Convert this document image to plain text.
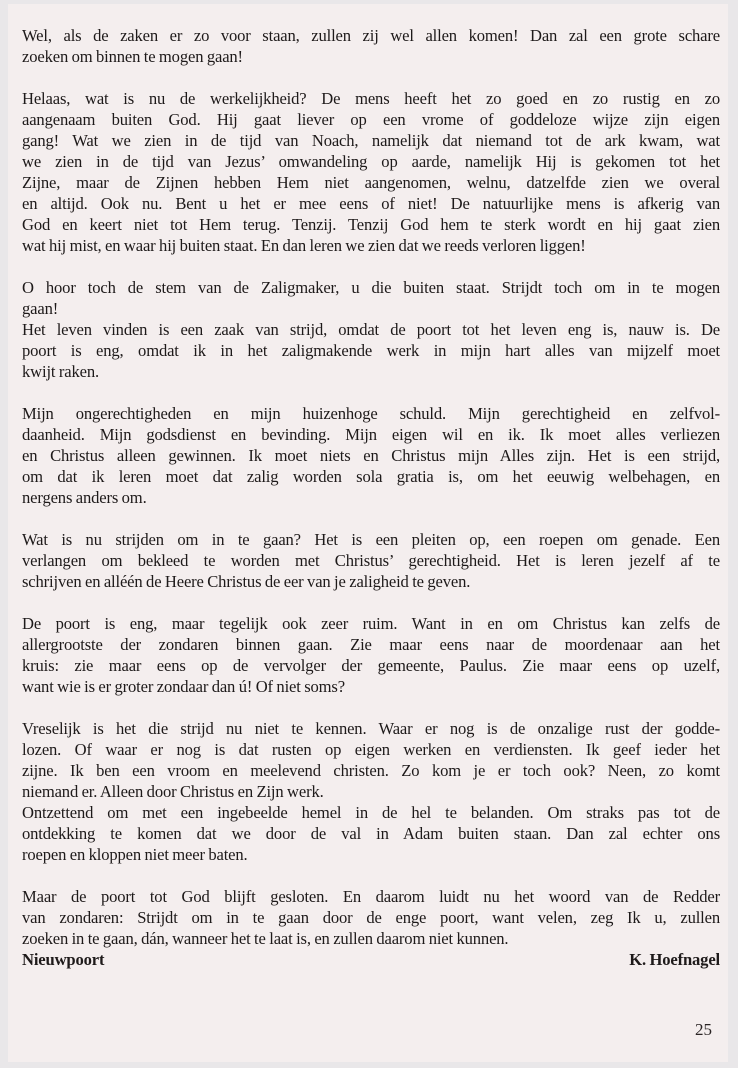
Wel, als de zaken er zo voor staan, zullen zij wel allen komen! Dan zal een grote schare
zoeken om binnen te mogen gaan!
Helaas, wat is nu de werkelijkheid? De mens heeft het zo goed en zo rustig en zo
aangenaam buiten God. Hij gaat liever op een vrome of goddeloze wijze zijn eigen
gang! Wat we zien in de tijd van Noach, namelijk dat niemand tot de ark kwam, wat
we zien in de tijd van Jezus’ omwandeling op aarde, namelijk Hij is gekomen tot het
Zijne, maar de Zijnen hebben Hem niet aangenomen, welnu, datzelfde zien we overal
en altijd. Ook nu. Bent u het er mee eens of niet! De natuurlijke mens is afkerig van
God en keert niet tot Hem terug. Tenzij. Tenzij God hem te sterk wordt en hij gaat zien
wat hij mist, en waar hij buiten staat. En dan leren we zien dat we reeds verloren liggen!
O hoor toch de stem van de Zaligmaker, u die buiten staat. Strijdt toch om in te mogen
gaan!
Het leven vinden is een zaak van strijd, omdat de poort tot het leven eng is, nauw is. De
poort is eng, omdat ik in het zaligmakende werk in mijn hart alles van mijzelf moet
kwijt raken.
Mijn ongerechtigheden en mijn huizenhoge schuld. Mijn gerechtigheid en zelfvol-
daanheid. Mijn godsdienst en bevinding. Mijn eigen wil en ik. Ik moet alles verliezen
en Christus alleen gewinnen. Ik moet niets en Christus mijn Alles zijn. Het is een strijd,
om dat ik leren moet dat zalig worden sola gratia is, om het eeuwig welbehagen, en
nergens anders om.
Wat is nu strijden om in te gaan? Het is een pleiten op, een roepen om genade. Een
verlangen om bekleed te worden met Christus’ gerechtigheid. Het is leren jezelf af te
schrijven en alléén de Heere Christus de eer van je zaligheid te geven.
De poort is eng, maar tegelijk ook zeer ruim. Want in en om Christus kan zelfs de
allergrootste der zondaren binnen gaan. Zie maar eens naar de moordenaar aan het
kruis: zie maar eens op de vervolger der gemeente, Paulus. Zie maar eens op uzelf,
want wie is er groter zondaar dan ú! Of niet soms?
Vreselijk is het die strijd nu niet te kennen. Waar er nog is de onzalige rust der godde-
lozen. Of waar er nog is dat rusten op eigen werken en verdiensten. Ik geef ieder het
zijne. Ik ben een vroom en meelevend christen. Zo kom je er toch ook? Neen, zo komt
niemand er. Alleen door Christus en Zijn werk.
Ontzettend om met een ingebeelde hemel in de hel te belanden. Om straks pas tot de
ontdekking te komen dat we door de val in Adam buiten staan. Dan zal echter ons
roepen en kloppen niet meer baten.
Maar de poort tot God blijft gesloten. En daarom luidt nu het woord van de Redder
van zondaren: Strijdt om in te gaan door de enge poort, want velen, zeg Ik u, zullen
zoeken in te gaan, dán, wanneer het te laat is, en zullen daarom niet kunnen.
Nieuwpoort	K. Hoefnagel
25
